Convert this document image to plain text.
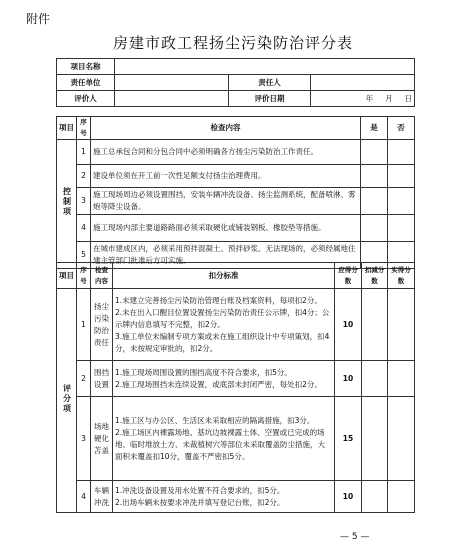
附件
房建市政工程扬尘污染防治评分表
项目名称			
责任单位		责任人	
评价人		评价日期	年 月 日
项目	序号	检查内容	是	否
控制项	1	施工总承包合同和分包合同中必须明确各方扬尘污染防治工作责任。		
	2	建设单位须在开工前一次性足额支付扬尘治理费用。		
	3	施工现场周边必须设置围挡，安装车辆冲洗设备、扬尘监测系统，配备喷淋、雾炮等降尘设备。		
	4	施工现场内部主要道路路面必须采取硬化或铺装钢板、橡胶垫等措施。		
	5	在城市建成区内，必须采用预拌混凝土、预拌砂浆。无法现场的，必须经属地住建主管部门批准后方可实施。		
项目	序号	检查内容	扣分标准	应得分数	扣减分数	实得分数
评分项	1	扬尘污染防治责任	1.未建立完善扬尘污染防治管理台账及档案资料，每项扣2分。
2.未在出入口醒目位置设置扬尘污染防治责任公示牌，扣4分；公示牌内信息填写不完整，扣2分。
3.施工单位未编制专项方案或未在施工组织设计中专项策划，扣4分，未按规定审批的，扣2分。	10		
	2	围挡设置	1.施工现场周围设置的围挡高度不符合要求，扣5分。
2.施工现场围挡未连续设置，或底部未封闭严密，每处扣2分。	10		
	3	场地硬化苫盖	1.施工区与办公区、生活区未采取相应的隔离措施，扣3分。
2.施工场区内裸露场地、基坑边坡裸露土体、空置或已完成的场地、临时堆放土方、未裁植树穴等部位未采取覆盖防尘措施，大面积未覆盖扣10分，覆盖不严密扣5分。	15		
	4	车辆冲洗	1.冲洗设备设置及用水处置不符合要求的，扣5分。
2.出场车辆未按要求冲洗并填写登记台账，扣2分。	10		
— 5 —
